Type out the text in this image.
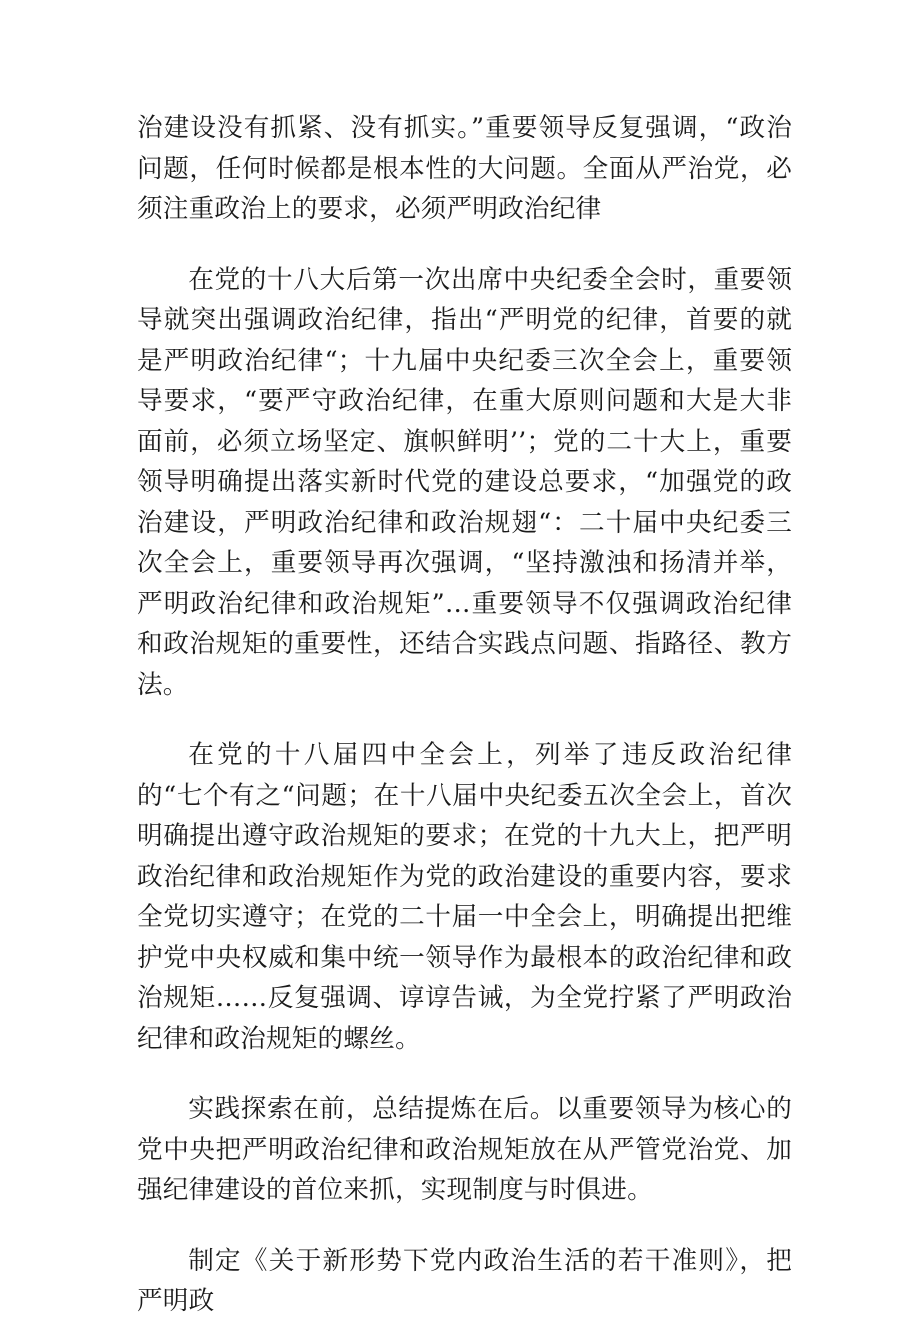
治建设没有抓紧、没有抓实。”重要领导反复强调，“政治问题，任何时候都是根本性的大问题。全面从严治党，必须注重政治上的要求，必须严明政治纪律

在党的十八大后第一次出席中央纪委全会时，重要领导就突出强调政治纪律，指出“严明党的纪律，首要的就是严明政治纪律“；十九届中央纪委三次全会上，重要领导要求，“要严守政治纪律，在重大原则问题和大是大非面前，必须立场坚定、旗帜鲜明’’；党的二十大上，重要领导明确提出落实新时代党的建设总要求，“加强党的政治建设，严明政治纪律和政治规翅“：二十届中央纪委三次全会上，重要领导再次强调，“坚持激浊和扬清并举，严明政治纪律和政治规矩”…重要领导不仅强调政治纪律和政治规矩的重要性，还结合实践点问题、指路径、教方法。

在党的十八届四中全会上，列举了违反政治纪律的“七个有之“问题；在十八届中央纪委五次全会上，首次明确提出遵守政治规矩的要求；在党的十九大上，把严明政治纪律和政治规矩作为党的政治建设的重要内容，要求全党切实遵守；在党的二十届一中全会上，明确提出把维护党中央权威和集中统一领导作为最根本的政治纪律和政治规矩……反复强调、谆谆告诫，为全党拧紧了严明政治纪律和政治规矩的螺丝。

实践探索在前，总结提炼在后。以重要领导为核心的党中央把严明政治纪律和政治规矩放在从严管党治党、加强纪律建设的首位来抓，实现制度与时俱进。

制定《关于新形势下党内政治生活的若干准则》，把严明政
